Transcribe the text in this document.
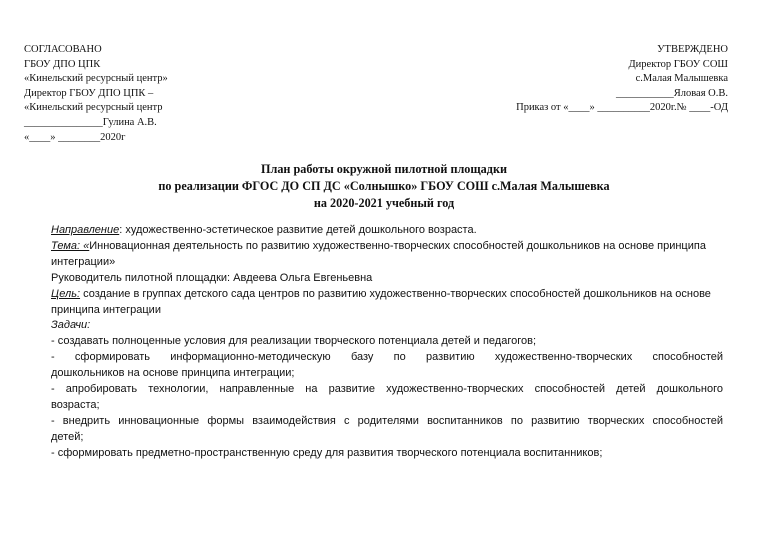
СОГЛАСОВАНО
ГБОУ ДПО ЦПК
«Кинельский ресурсный центр»
Директор ГБОУ ДПО ЦПК –
«Кинельский ресурсный центр
_______________Гулина А.В.
«____» ________2020г
УТВЕРЖДЕНО
Директор ГБОУ СОШ
с.Малая Малышевка
___________Яловая О.В.
Приказ от «____» __________2020г.№ ____-ОД
План работы окружной пилотной площадки
по реализации ФГОС ДО СП ДС «Солнышко» ГБОУ СОШ с.Малая Малышевка
на 2020-2021 учебный год

Направление: художественно-эстетическое развитие детей дошкольного возраста.

Тема: «Инновационная деятельность по развитию художественно-творческих способностей дошкольников на основе принципа интеграции»

Руководитель пилотной площадки: Авдеева Ольга Евгеньевна

Цель: создание в группах детского сада центров по развитию художественно-творческих способностей дошкольников на основе принципа интеграции

Задачи:

- создавать полноценные условия для реализации творческого потенциала детей и педагогов;

- сформировать информационно-методическую базу по развитию художественно-творческих способностей

дошкольников на основе принципа интеграции;

- апробировать технологии, направленные на развитие художественно-творческих способностей детей дошкольного

возраста;

- внедрить инновационные формы взаимодействия с родителями воспитанников по развитию творческих способностей

детей;

- сформировать предметно-пространственную среду для развития творческого потенциала воспитанников;
